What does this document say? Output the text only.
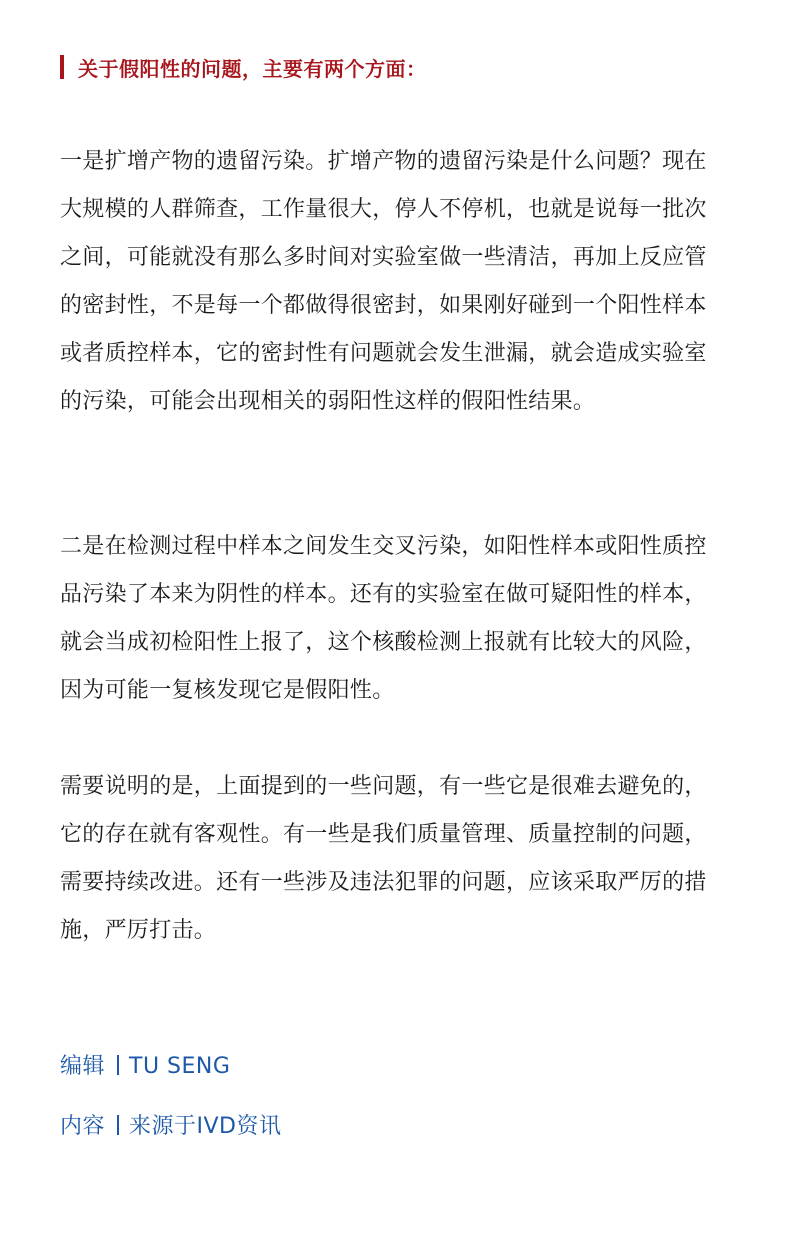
关于假阳性的问题，主要有两个方面：

一是扩增产物的遗留污染。扩增产物的遗留污染是什么问题？现在大规模的人群筛查，工作量很大，停人不停机，也就是说每一批次之间，可能就没有那么多时间对实验室做一些清洁，再加上反应管的密封性，不是每一个都做得很密封，如果刚好碰到一个阳性样本或者质控样本，它的密封性有问题就会发生泄漏，就会造成实验室的污染，可能会出现相关的弱阳性这样的假阳性结果。

二是在检测过程中样本之间发生交叉污染，如阳性样本或阳性质控品污染了本来为阴性的样本。还有的实验室在做可疑阳性的样本，就会当成初检阳性上报了，这个核酸检测上报就有比较大的风险，因为可能一复核发现它是假阳性。

需要说明的是，上面提到的一些问题，有一些它是很难去避免的，它的存在就有客观性。有一些是我们质量管理、质量控制的问题，需要持续改进。还有一些涉及违法犯罪的问题，应该采取严厉的措施，严厉打击。

编辑 TU SENG
内容 来源于IVD资讯
